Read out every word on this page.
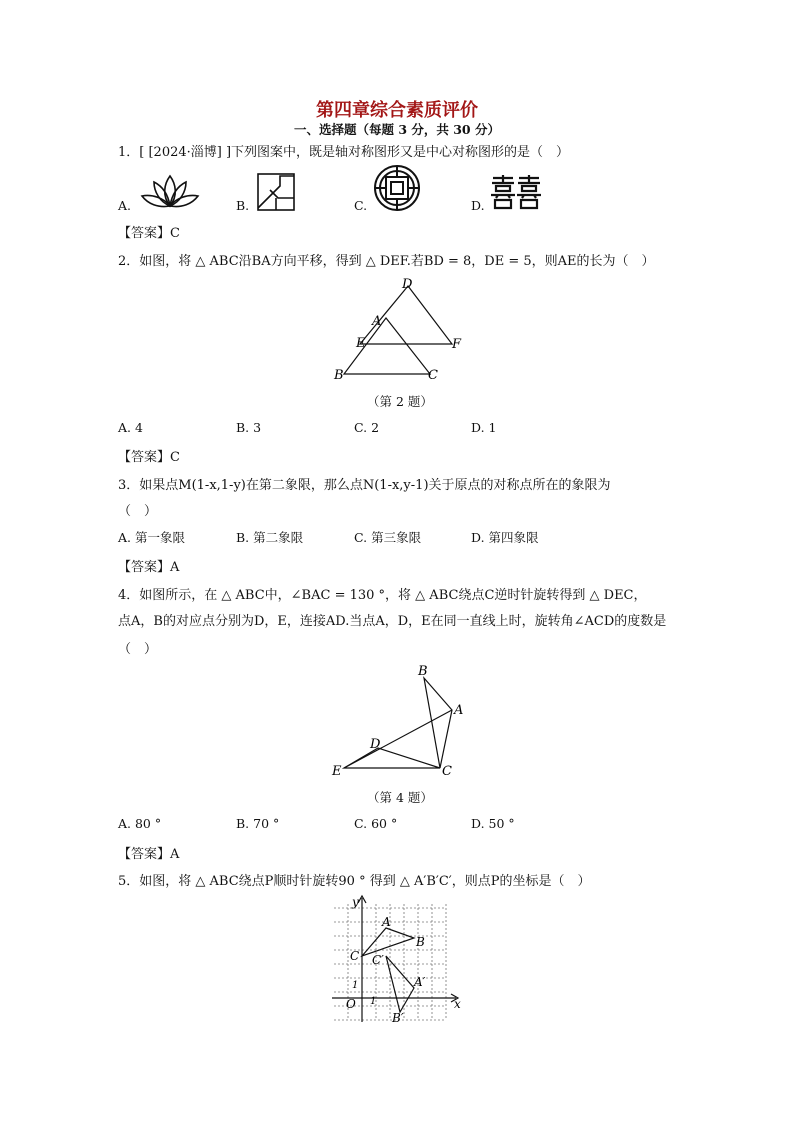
第四章综合素质评价
一、选择题（每题 3 分，共 30 分）
1．[ [2024·淄博] ]下列图案中，既是轴对称图形又是中心对称图形的是（　）
A.	B.	C.	D.
【答案】C
2．如图，将 △ ABC沿BA方向平移，得到 △ DEF.若BD = 8，DE = 5，则AE的长为（　）
D
A
E	F
B	C
（第 2 题）
A. 4	B. 3	C. 2	D. 1
【答案】C
3．如果点M(1-x,1-y)在第二象限，那么点N(1-x,y-1)关于原点的对称点所在的象限为
（　）
A. 第一象限	B. 第二象限	C. 第三象限	D. 第四象限
【答案】A
4．如图所示，在 △ ABC中，∠BAC = 130 °，将 △ ABC绕点C逆时针旋转得到 △ DEC，
点A，B的对应点分别为D，E，连接AD.当点A，D，E在同一直线上时，旋转角∠ACD的度数是
（　）
B
A
D
E	C
（第 4 题）
A. 80 °	B. 70 °	C. 60 °	D. 50 °
【答案】A
5．如图，将 △ ABC绕点P顺时针旋转90 ° 得到 △ A′B′C′，则点P的坐标是（　）
y
A
B
C C′
A′
B′
O 1
1
x
